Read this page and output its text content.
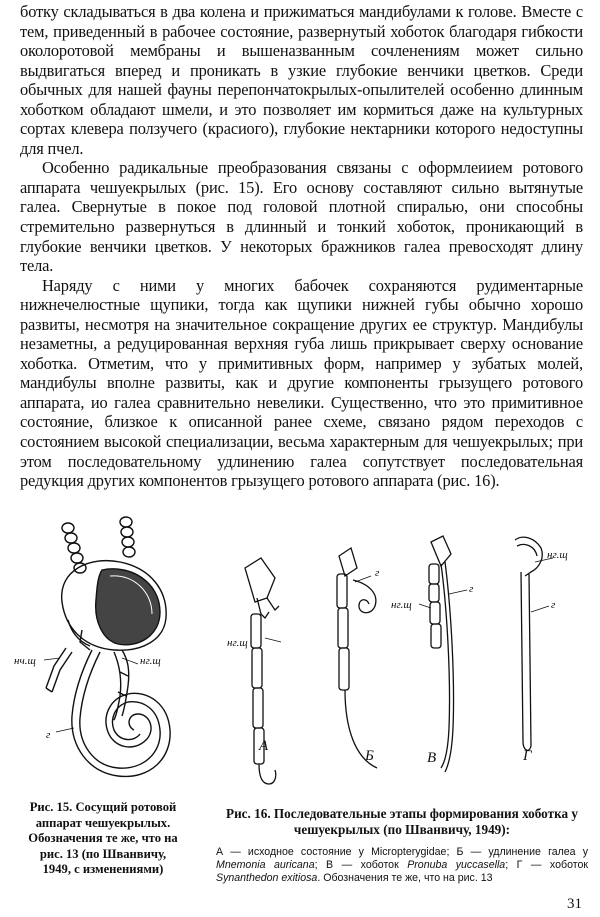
ботку складываться в два колена и прижиматься мандибулами к голове. Вместе с тем, приведенный в рабочее состояние, развернутый хоботок благодаря гибкости околоротовой мембраны и вышеназванным сочленениям может сильно выдвигаться вперед и проникать в узкие глубокие венчики цветков. Среди обычных для нашей фауны перепончатокрылых-опылителей особенно длинным хоботком обладают шмели, и это позволяет им кормиться даже на культурных сортах клевера ползучего (красиого), глубокие нектарники которого недоступны для пчел.

Особенно радикальные преобразования связаны с оформлеиием ротового аппарата чешуекрылых (рис. 15). Его основу составляют сильно вытянутые галеа. Свернутые в покое под головой плотной спиралью, они способны стремительно развернуться в длинный и тонкий хоботок, проникающий в глубокие венчики цветков. У некоторых бражников галеа превосходят длину тела.

Наряду с ними у многих бабочек сохраняются рудиментарные нижнечелюстные щупики, тогда как щупики нижней губы обычно хорошо развиты, несмотря на значительное сокращение других ее структур. Мандибулы незаметны, а редуцированная верхняя губа лишь прикрывает сверху основание хоботка. Отметим, что у примитивных форм, например у зубатых молей, мандибулы вполне развиты, как и другие компоненты грызущего ротового аппарата, ио галеа сравнительно невелики. Существенно, что это примитивное состояние, близкое к описанной ранее схеме, связано рядом переходов с состоянием высокой специализации, весьма характерным для чешуекрылых; при этом последовательному удлинению галеа сопутствует последовательная редукция других компонентов грызущего ротового аппарата (рис. 16).

нч.щ	нг.щ
г
нг.щ
А
г
Б
нг.щ
г
В
нг.щ
г
Г
Рис. 15. Сосущий ротовой аппарат чешуекрылых. Обозначения те же, что на рис. 13 (по Шванвичу, 1949, с изменениями)
Рис. 16. Последовательные этапы формирования хоботка у чешуекрылых (по Шванвичу, 1949):
А — исходное состояние у Micropterygidae; Б — удлинение галеа у Mnemonia auricana; В — хоботок Pronuba yuccasella; Г — хоботок Synanthedon exitiosa. Обозначения те же, что на рис. 13
31
